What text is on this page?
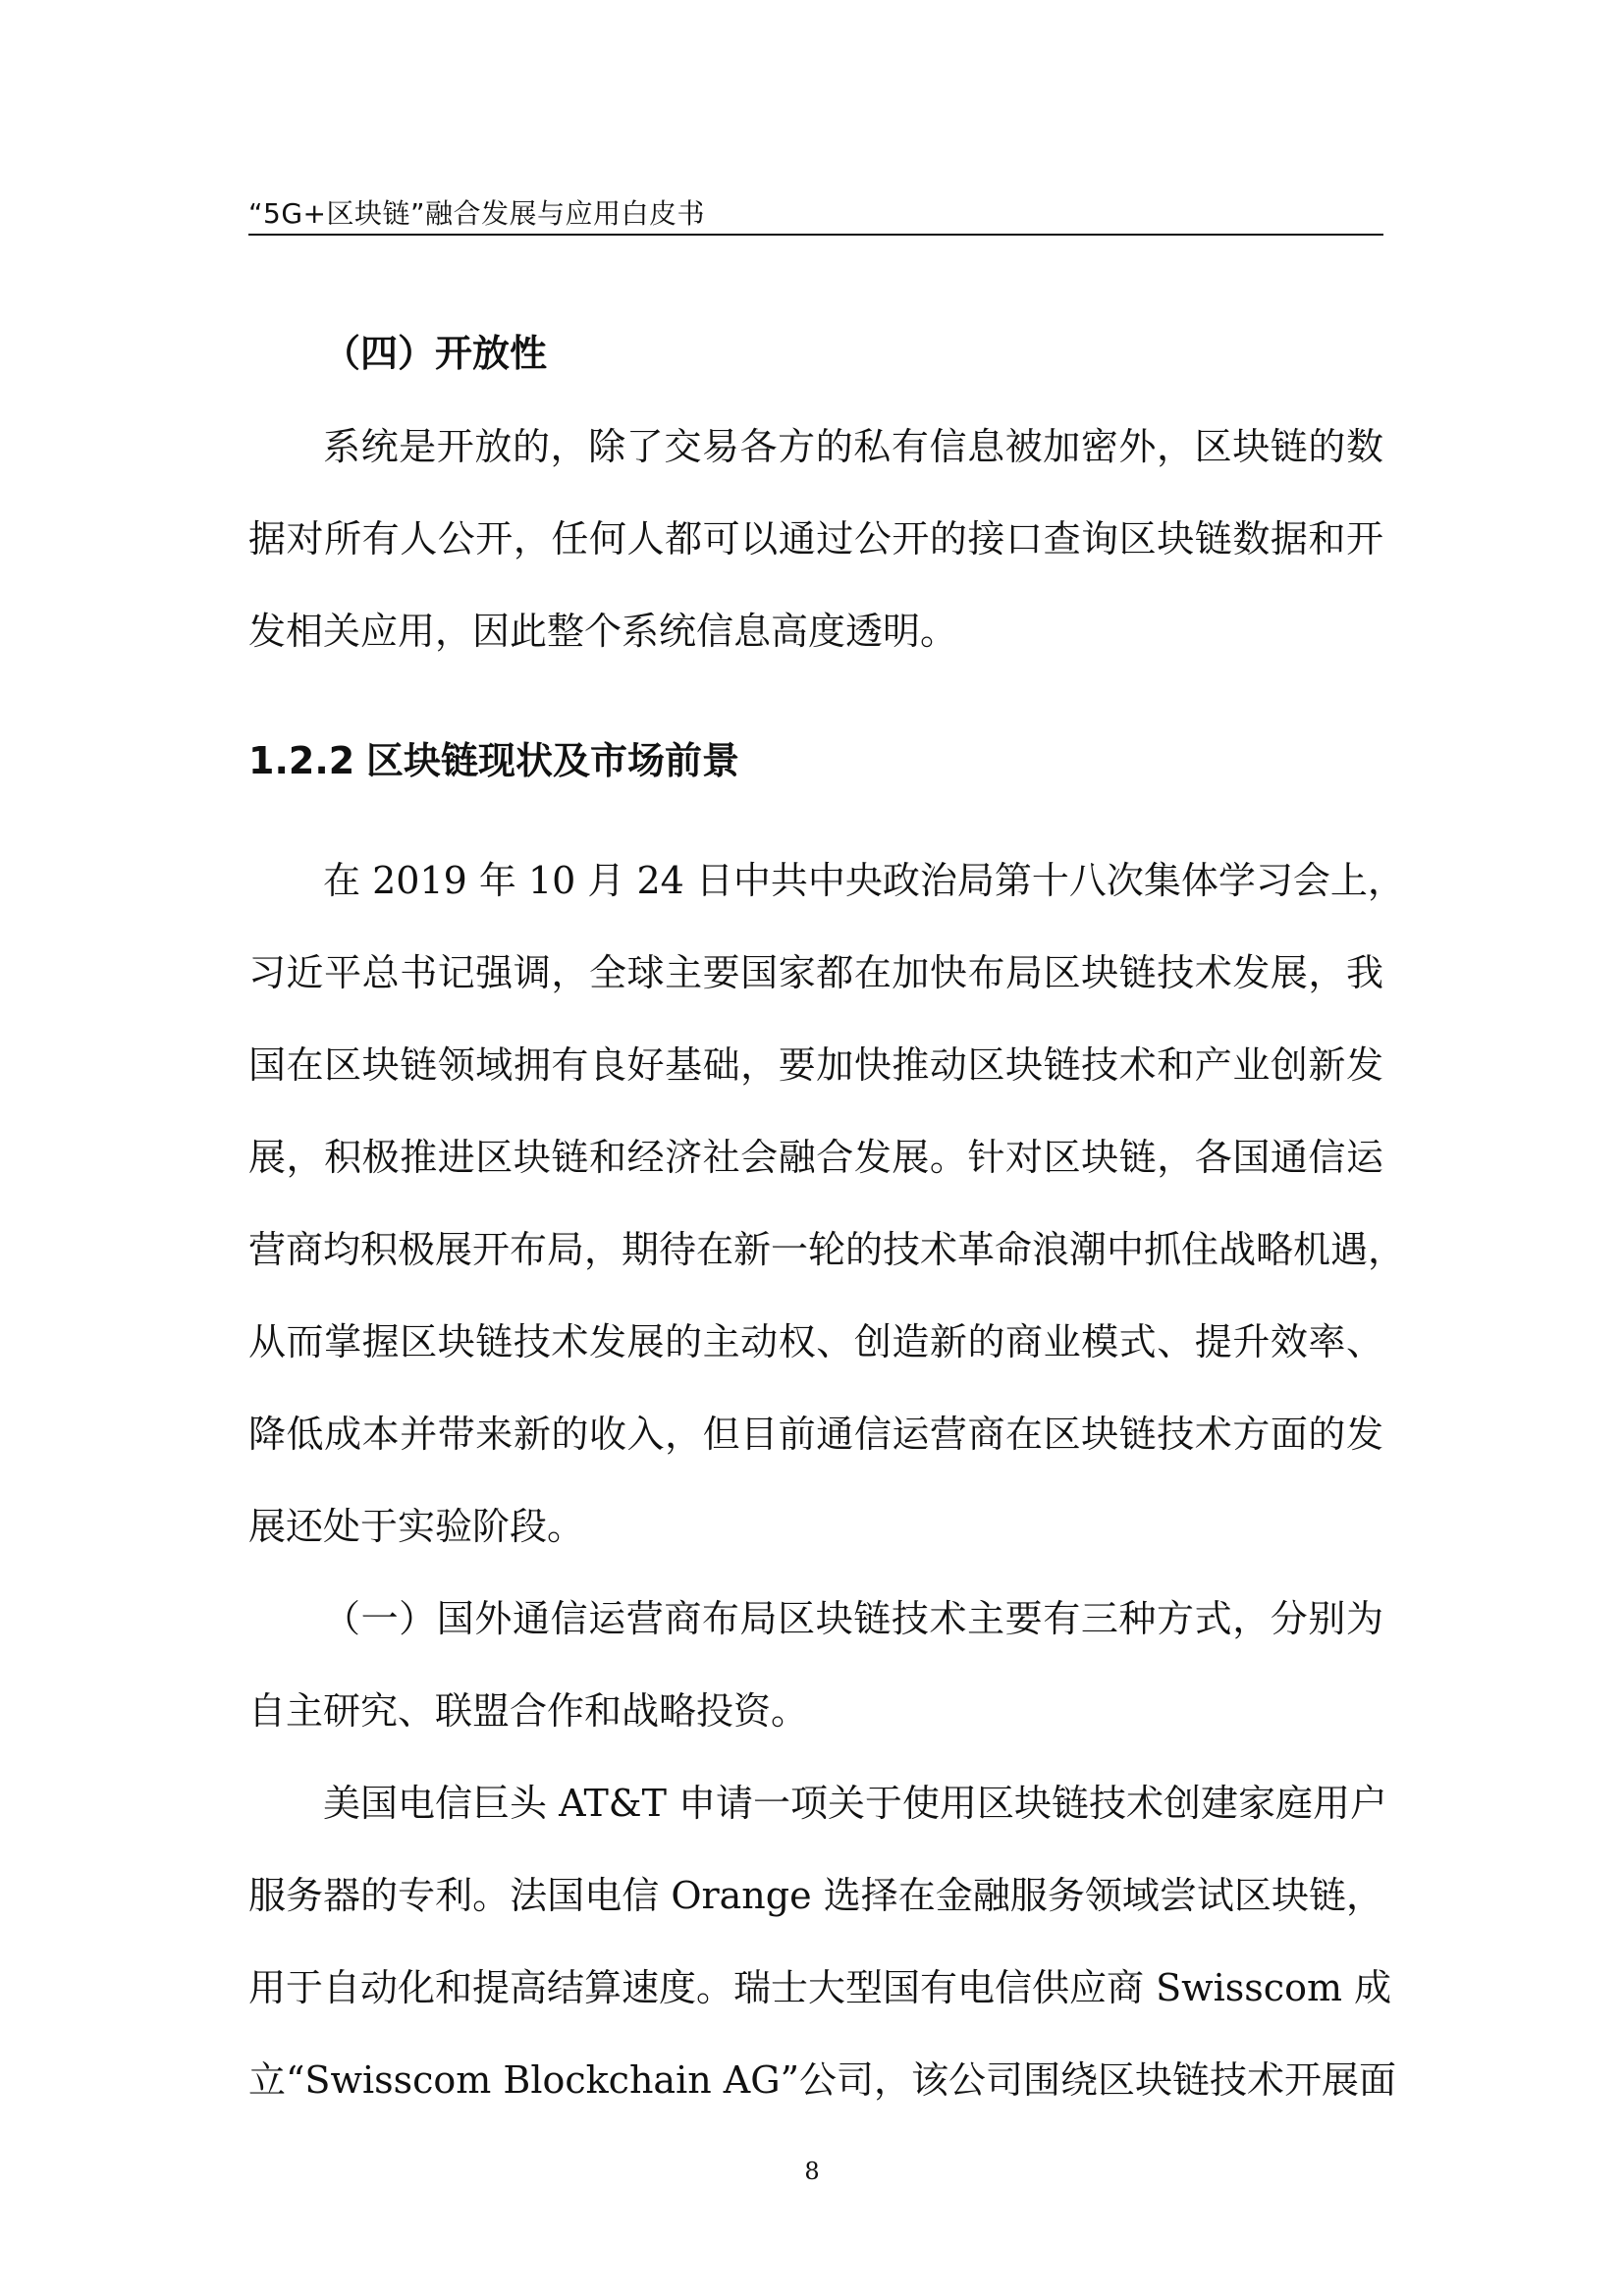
“5G+区块链”融合发展与应用白皮书
（四）开放性
系统是开放的，除了交易各方的私有信息被加密外，区块链的数
据对所有人公开，任何人都可以通过公开的接口查询区块链数据和开
发相关应用，因此整个系统信息高度透明。
1.2.2 区块链现状及市场前景
在 2019 年 10 月 24 日中共中央政治局第十八次集体学习会上，
习近平总书记强调，全球主要国家都在加快布局区块链技术发展，我
国在区块链领域拥有良好基础，要加快推动区块链技术和产业创新发
展，积极推进区块链和经济社会融合发展。针对区块链，各国通信运
营商均积极展开布局，期待在新一轮的技术革命浪潮中抓住战略机遇，
从而掌握区块链技术发展的主动权、创造新的商业模式、提升效率、
降低成本并带来新的收入，但目前通信运营商在区块链技术方面的发
展还处于实验阶段。
（一）国外通信运营商布局区块链技术主要有三种方式，分别为
自主研究、联盟合作和战略投资。
美国电信巨头 AT&T 申请一项关于使用区块链技术创建家庭用户
服务器的专利。法国电信 Orange 选择在金融服务领域尝试区块链，
用于自动化和提高结算速度。瑞士大型国有电信供应商 Swisscom 成
立“Swisscom Blockchain AG”公司，该公司围绕区块链技术开展面
8
